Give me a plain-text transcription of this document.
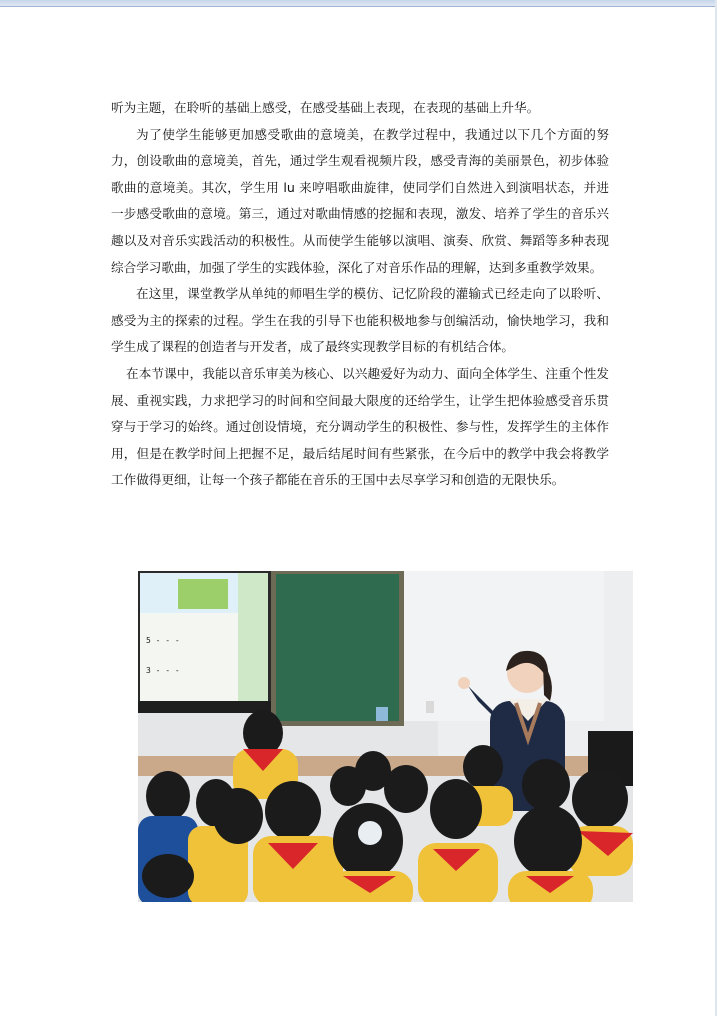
听为主题，在聆听的基础上感受，在感受基础上表现，在表现的基础上升华。

为了使学生能够更加感受歌曲的意境美，在教学过程中，我通过以下几个方面的努力，创设歌曲的意境美，首先，通过学生观看视频片段，感受青海的美丽景色，初步体验歌曲的意境美。其次，学生用 lu 来哼唱歌曲旋律，使同学们自然进入到演唱状态，并进一步感受歌曲的意境。第三，通过对歌曲情感的挖掘和表现，激发、培养了学生的音乐兴趣以及对音乐实践活动的积极性。从而使学生能够以演唱、演奏、欣赏、舞蹈等多种表现综合学习歌曲，加强了学生的实践体验，深化了对音乐作品的理解，达到多重教学效果。

在这里，课堂教学从单纯的师唱生学的模仿、记忆阶段的灌输式已经走向了以聆听、感受为主的探索的过程。学生在我的引导下也能积极地参与创编活动，愉快地学习，我和学生成了课程的创造者与开发者，成了最终实现教学目标的有机结合体。

在本节课中，我能以音乐审美为核心、以兴趣爱好为动力、面向全体学生、注重个性发展、重视实践，力求把学习的时间和空间最大限度的还给学生，让学生把体验感受音乐贯穿与于学习的始终。通过创设情境，充分调动学生的积极性、参与性，发挥学生的主体作用，但是在教学时间上把握不足，最后结尾时间有些紧张，在今后中的教学中我会将教学工作做得更细，让每一个孩子都能在音乐的王国中去尽享学习和创造的无限快乐。

5 - - -
3 - - -
